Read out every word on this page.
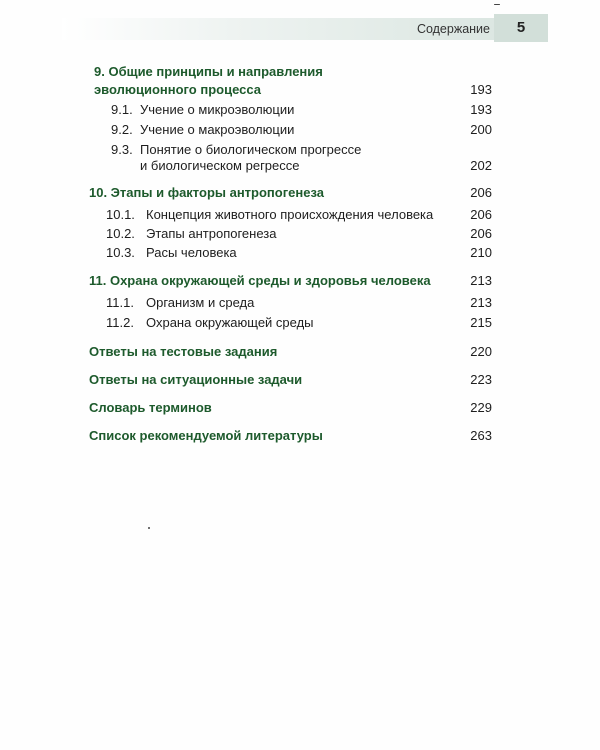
Содержание	5
9. Общие принципы и направления
эволюционного процесса	193
9.1. Учение о микроэволюции	193
9.2. Учение о макроэволюции	200
9.3. Понятие о биологическом прогрессе
и биологическом регрессе	202
10. Этапы и факторы антропогенеза	206
10.1. Концепция животного происхождения человека	206
10.2. Этапы антропогенеза	206
10.3. Расы человека	210
11. Охрана окружающей среды и здоровья человека	213
11.1. Организм и среда	213
11.2. Охрана окружающей среды	215
Ответы на тестовые задания	220
Ответы на ситуационные задачи	223
Словарь терминов	229
Список рекомендуемой литературы	263
